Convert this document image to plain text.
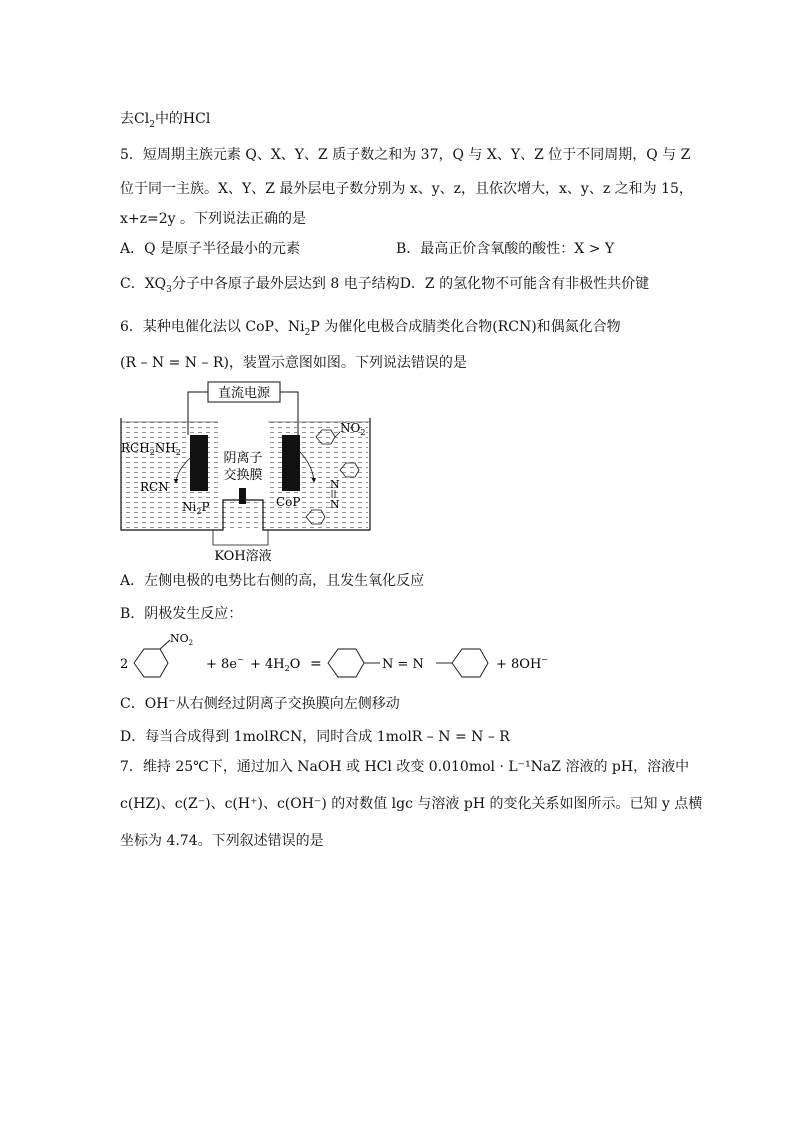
去$Cl_2$中的HCl
5．短周期主族元素 Q、X、Y、Z 质子数之和为 37，Q 与 X、Y、Z 位于不同周期，Q 与 Z
位于同一主族。X、Y、Z 最外层电子数分别为 x、y、z，且依次增大，x、y、z 之和为 15，
x+z=2y 。下列说法正确的是
A．Q 是原子半径最小的元素	B．最高正价含氧酸的酸性：X > Y
C．$XQ_3$分子中各原子最外层达到 8 电子结构D．Z 的氢化物不可能含有非极性共价键
6．某种电催化法以 CoP、$Ni_2P$ 为催化电极合成腈类化合物(RCN)和偶氮化合物
(R – N = N – R)，装置示意图如图。下列说法错误的是
直流电源
阴离子
交换膜
$RCH_2NH_2$
RCN
$Ni_2P$	CoP
$NO_2$
N
N
KOH溶液
A．左侧电极的电势比右侧的高，且发生氧化反应
B．阴极发生反应：
2
$NO_2$
+ $8e^- + 4H_2O$ =	N = N	+ 8OH−
C．OH⁻从右侧经过阴离子交换膜向左侧移动
D．每当合成得到 1molRCN，同时合成 1molR – N = N – R
7．维持 25℃下，通过加入 NaOH 或 HCl 改变 0.010mol · L⁻¹NaZ 溶液的 pH，溶液中
c(HZ)、c(Z⁻)、c(H⁺)、c(OH⁻) 的对数值 lgc 与溶液 pH 的变化关系如图所示。已知 y 点横
坐标为 4.74。下列叙述错误的是
